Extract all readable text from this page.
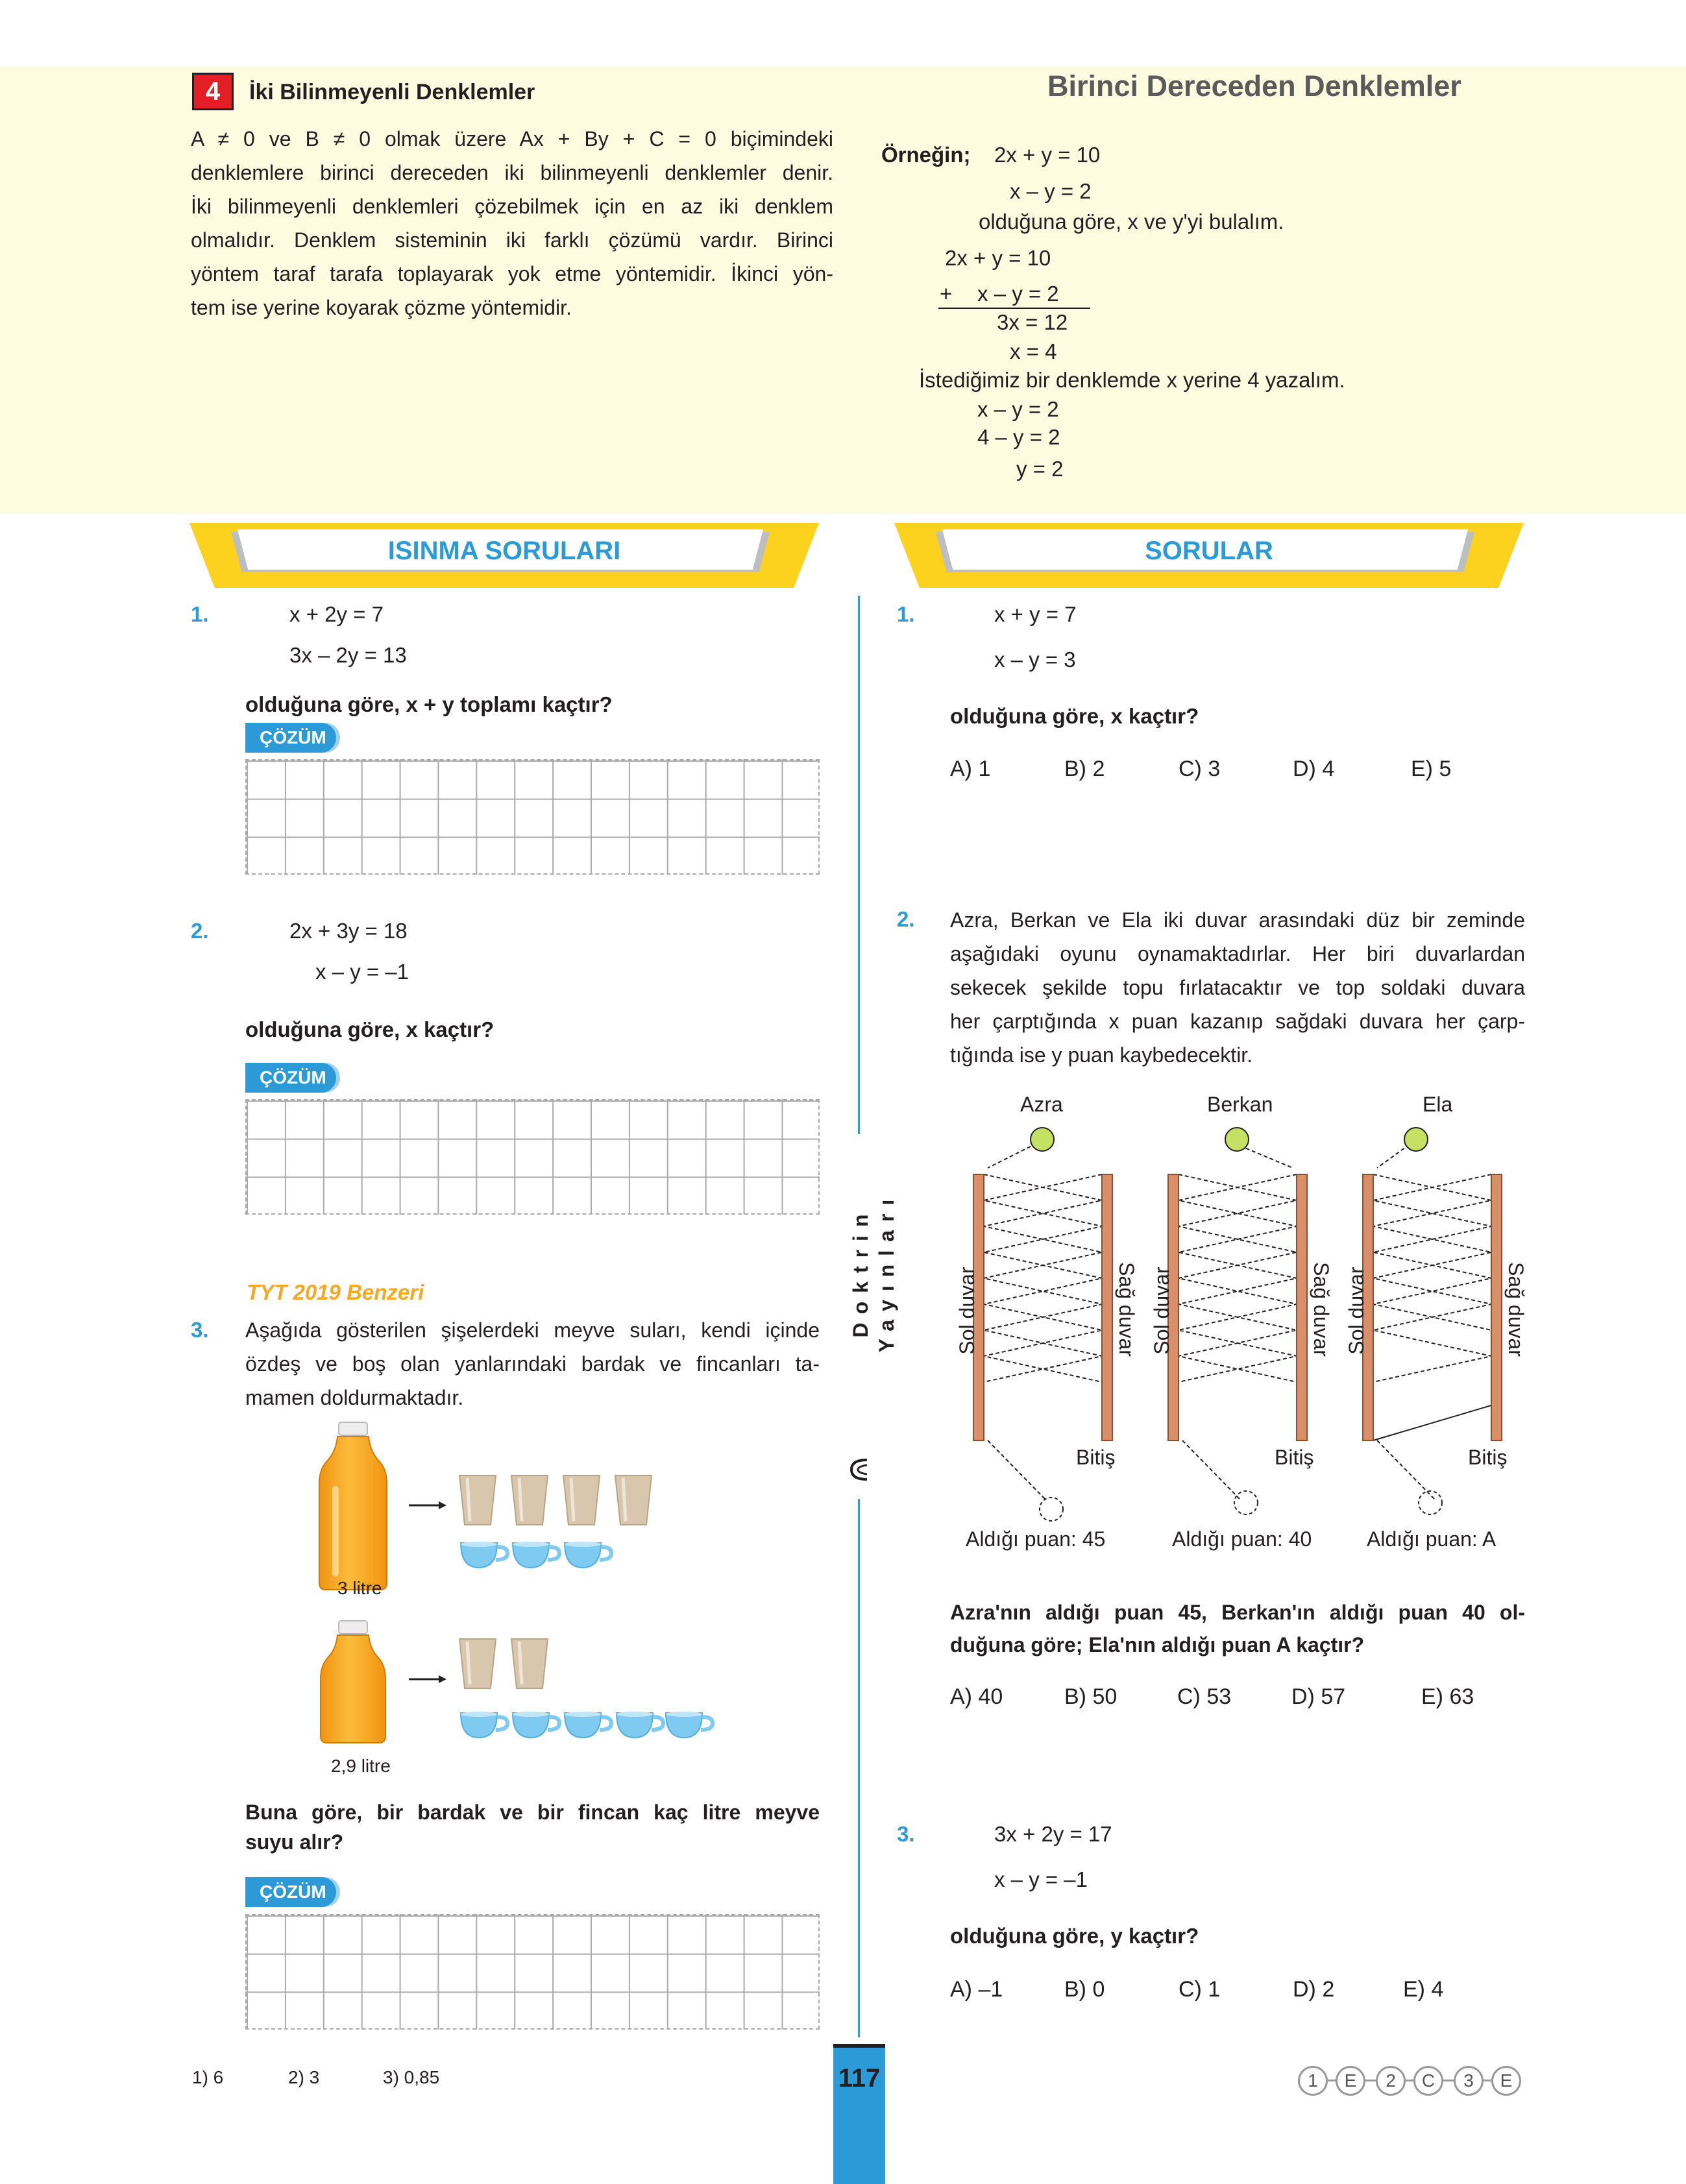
4	İki Bilinmeyenli Denklemler	Birinci Dereceden Denklemler
A ≠ 0 ve B ≠ 0 olmak üzere Ax + By + C = 0 biçimindeki
denklemlere birinci dereceden iki bilinmeyenli denklemler denir.
İki bilinmeyenli denklemleri çözebilmek için en az iki denklem
olmalıdır. Denklem sisteminin iki farklı çözümü vardır. Birinci
yöntem taraf tarafa toplayarak yok etme yöntemidir. İkinci yön-
tem ise yerine koyarak çözme yöntemidir.
Örneğin; 2x + y = 10
x – y = 2
olduğuna göre, x ve y'yi bulalım.
2x + y = 10
+ x – y = 2
3x = 12
x = 4
İstediğimiz bir denklemde x yerine 4 yazalım.
x – y = 2
4 – y = 2
y = 2
ISINMA SORULARI	SORULAR
1.	x + 2y = 7
3x – 2y = 13
olduğuna göre, x + y toplamı kaçtır?
ÇÖZÜM
2.	2x + 3y = 18
x – y = –1
olduğuna göre, x kaçtır?
ÇÖZÜM
TYT 2019 Benzeri
3. Aşağıda gösterilen şişelerdeki meyve suları, kendi içinde
özdeş ve boş olan yanlarındaki bardak ve fincanları ta-
mamen doldurmaktadır.
3 litre
2,9 litre
Buna göre, bir bardak ve bir fincan kaç litre meyve
suyu alır?
ÇÖZÜM
Doktrin Yayınları
1.	x + y = 7
x – y = 3
olduğuna göre, x kaçtır?
A) 1	B) 2	C) 3	D) 4	E) 5
2. Azra, Berkan ve Ela iki duvar arasındaki düz bir zeminde
aşağıdaki oyunu oynamaktadırlar. Her biri duvarlardan
sekecek şekilde topu fırlatacaktır ve top soldaki duvara
her çarptığında x puan kazanıp sağdaki duvara her çarp-
tığında ise y puan kaybedecektir.
Azra	Berkan	Ela
Sol duvar	Sağ duvar Sol duvar	Sağ duvar Sol duvar	Sağ duvar
Bitiş	Bitiş	Bitiş
Aldığı puan: 45	Aldığı puan: 40	Aldığı puan: A
Azra'nın aldığı puan 45, Berkan'ın aldığı puan 40 ol-
duğuna göre; Ela'nın aldığı puan A kaçtır?
A) 40	B) 50	C) 53	D) 57	E) 63
3.	3x + 2y = 17
x – y = –1
olduğuna göre, y kaçtır?
A) –1	B) 0	C) 1	D) 2	E) 4
1) 6	2) 3	3) 0,85	117	1	E	2	C	3	E
